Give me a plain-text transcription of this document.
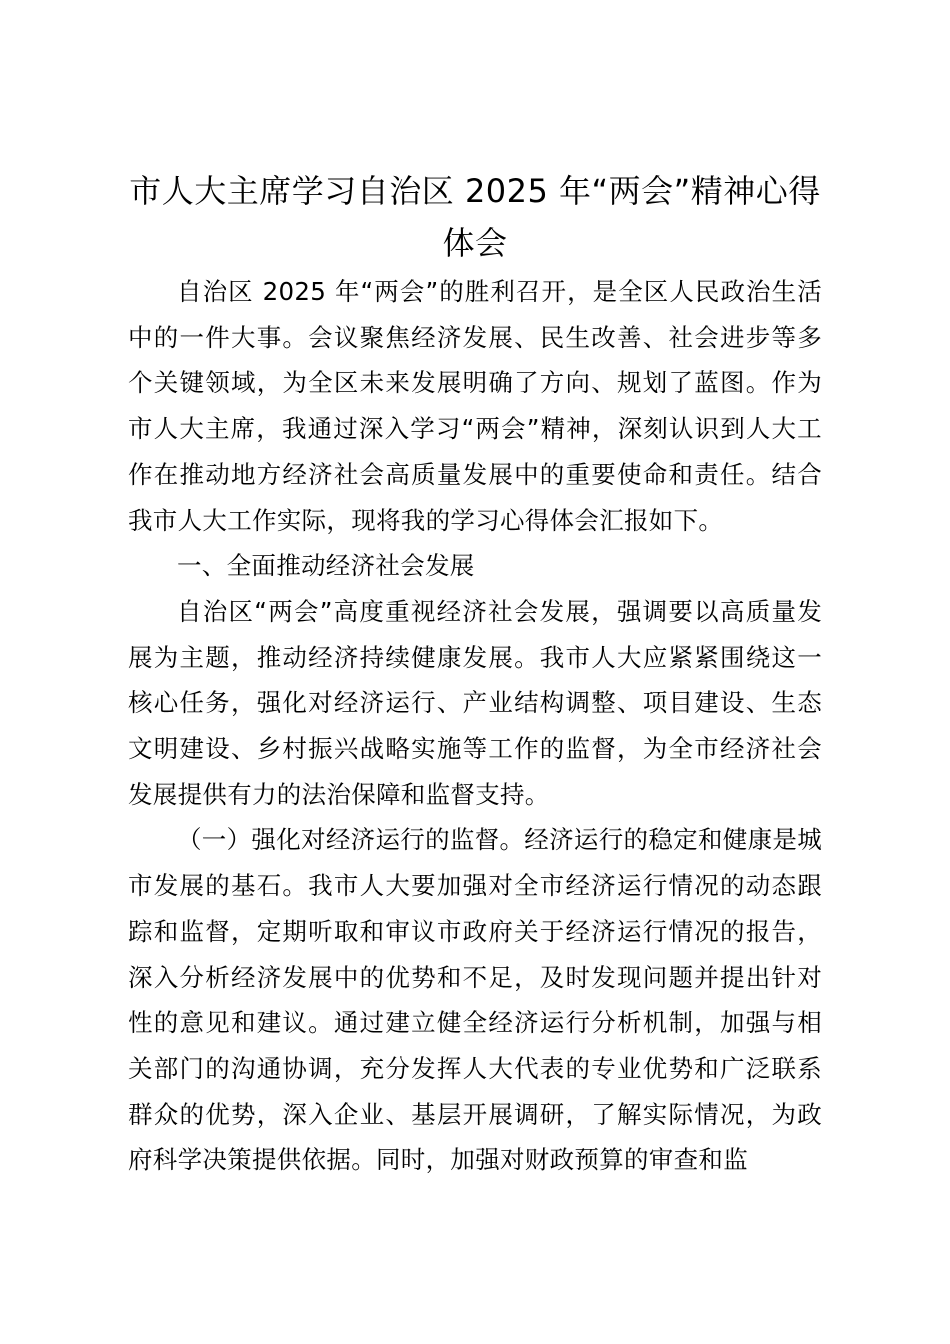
市人大主席学习自治区 2025 年“两会”精神心得体会

自治区 2025 年“两会”的胜利召开，是全区人民政治生活中的一件大事。会议聚焦经济发展、民生改善、社会进步等多个关键领域，为全区未来发展明确了方向、规划了蓝图。作为市人大主席，我通过深入学习“两会”精神，深刻认识到人大工作在推动地方经济社会高质量发展中的重要使命和责任。结合我市人大工作实际，现将我的学习心得体会汇报如下。

一、全面推动经济社会发展

自治区“两会”高度重视经济社会发展，强调要以高质量发展为主题，推动经济持续健康发展。我市人大应紧紧围绕这一核心任务，强化对经济运行、产业结构调整、项目建设、生态文明建设、乡村振兴战略实施等工作的监督，为全市经济社会发展提供有力的法治保障和监督支持。

（一）强化对经济运行的监督。经济运行的稳定和健康是城市发展的基石。我市人大要加强对全市经济运行情况的动态跟踪和监督，定期听取和审议市政府关于经济运行情况的报告，深入分析经济发展中的优势和不足，及时发现问题并提出针对性的意见和建议。通过建立健全经济运行分析机制，加强与相关部门的沟通协调，充分发挥人大代表的专业优势和广泛联系群众的优势，深入企业、基层开展调研，了解实际情况，为政府科学决策提供依据。同时，加强对财政预算的审查和监
